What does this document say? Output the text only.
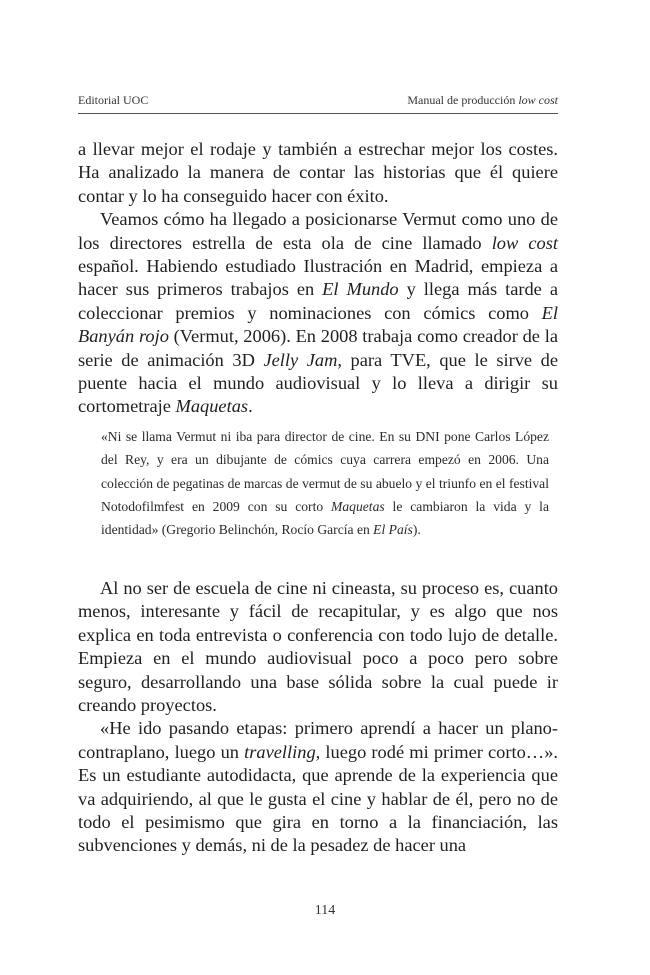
Editorial UOC	Manual de producción low cost

a llevar mejor el rodaje y también a estrechar mejor los costes. Ha analizado la manera de contar las historias que él quiere contar y lo ha conseguido hacer con éxito.

Veamos cómo ha llegado a posicionarse Vermut como uno de los directores estrella de esta ola de cine llamado low cost español. Habiendo estudiado Ilustración en Madrid, empieza a hacer sus primeros trabajos en El Mundo y llega más tarde a coleccionar premios y nominaciones con cómics como El Banyán rojo (Vermut, 2006). En 2008 trabaja como creador de la serie de animación 3D Jelly Jam, para TVE, que le sirve de puente hacia el mundo audiovisual y lo lleva a dirigir su cortometraje Maquetas.

«Ni se llama Vermut ni iba para director de cine. En su DNI pone Carlos López del Rey, y era un dibujante de cómics cuya carrera empezó en 2006. Una colección de pegatinas de marcas de vermut de su abuelo y el triunfo en el festival Notodofilmfest en 2009 con su corto Maquetas le cambiaron la vida y la identidad» (Gregorio Belinchón, Rocío García en El País).

Al no ser de escuela de cine ni cineasta, su proceso es, cuanto menos, interesante y fácil de recapitular, y es algo que nos explica en toda entrevista o conferencia con todo lujo de detalle. Empieza en el mundo audiovisual poco a poco pero sobre seguro, desarrollando una base sólida sobre la cual puede ir creando proyectos.

«He ido pasando etapas: primero aprendí a hacer un plano-contraplano, luego un travelling, luego rodé mi primer corto…». Es un estudiante autodidacta, que aprende de la experiencia que va adquiriendo, al que le gusta el cine y hablar de él, pero no de todo el pesimismo que gira en torno a la financiación, las subvenciones y demás, ni de la pesadez de hacer una

114
